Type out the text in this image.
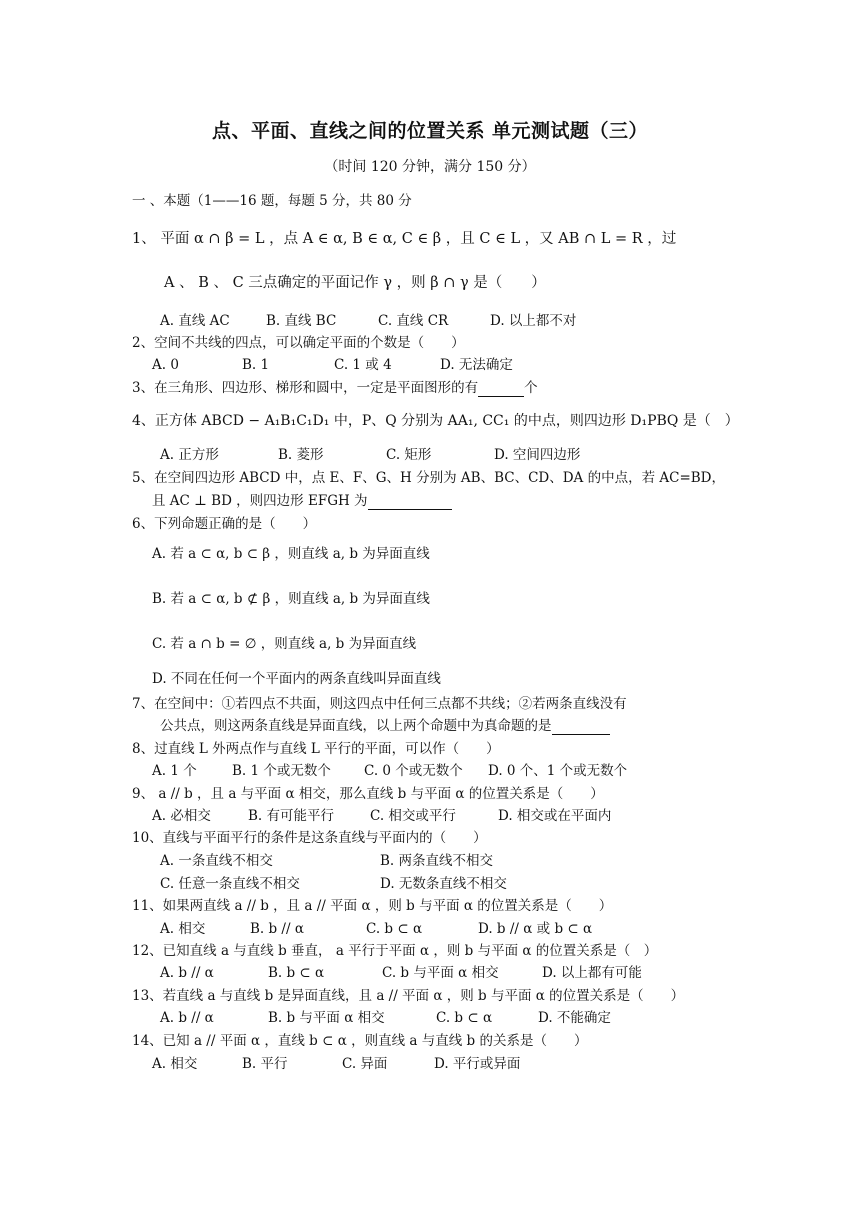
点、平面、直线之间的位置关系 单元测试题（三）
（时间 120 分钟，满分 150 分）
一 、本题（1——16 题，每题 5 分，共 80 分
1、 平面 α ∩ β = L ，点 A ∈ α, B ∈ α, C ∈ β ，且 C ∈ L ，又 AB ∩ L = R ，过
A 、 B 、 C 三点确定的平面记作 γ ，则 β ∩ γ 是（　　）
A. 直线 AC	B. 直线 BC	C. 直线 CR	D. 以上都不对
2、空间不共线的四点，可以确定平面的个数是（　　）
A. 0	B. 1	C. 1 或 4	D. 无法确定
3、在三角形、四边形、梯形和圆中，一定是平面图形的有	个
4、正方体 ABCD − A₁B₁C₁D₁ 中，P、Q 分别为 AA₁, CC₁ 的中点，则四边形 D₁PBQ 是（　）
A. 正方形	B. 菱形	C. 矩形	D. 空间四边形
5、在空间四边形 ABCD 中，点 E、F、G、H 分别为 AB、BC、CD、DA 的中点，若 AC=BD，
且 AC ⊥ BD ，则四边形 EFGH 为
6、下列命题正确的是（　　）
A. 若 a ⊂ α, b ⊂ β ，则直线 a, b 为异面直线
B. 若 a ⊂ α, b ⊄ β ，则直线 a, b 为异面直线
C. 若 a ∩ b = ∅ ，则直线 a, b 为异面直线
D. 不同在任何一个平面内的两条直线叫异面直线
7、在空间中：①若四点不共面，则这四点中任何三点都不共线；②若两条直线没有
公共点，则这两条直线是异面直线，以上两个命题中为真命题的是
8、过直线 L 外两点作与直线 L 平行的平面，可以作（　　）
A. 1 个	B. 1 个或无数个 C. 0 个或无数个 D. 0 个、1 个或无数个
9、 a // b ，且 a 与平面 α 相交，那么直线 b 与平面 α 的位置关系是（　　）
A. 必相交	B. 有可能平行	C. 相交或平行	D. 相交或在平面内
10、直线与平面平行的条件是这条直线与平面内的（　　）
A. 一条直线不相交	B. 两条直线不相交
C. 任意一条直线不相交	D. 无数条直线不相交
11、如果两直线 a // b ，且 a // 平面 α ，则 b 与平面 α 的位置关系是（　　）
A. 相交	B. b // α	C. b ⊂ α	D. b // α 或 b ⊂ α
12、已知直线 a 与直线 b 垂直， a 平行于平面 α ，则 b 与平面 α 的位置关系是（　）
A. b // α	B. b ⊂ α	C. b 与平面 α 相交	D. 以上都有可能
13、若直线 a 与直线 b 是异面直线，且 a // 平面 α ，则 b 与平面 α 的位置关系是（　　）
A. b // α	B. b 与平面 α 相交	C. b ⊂ α	D. 不能确定
14、已知 a // 平面 α ，直线 b ⊂ α ，则直线 a 与直线 b 的关系是（　　）
A. 相交	B. 平行	C. 异面	D. 平行或异面
